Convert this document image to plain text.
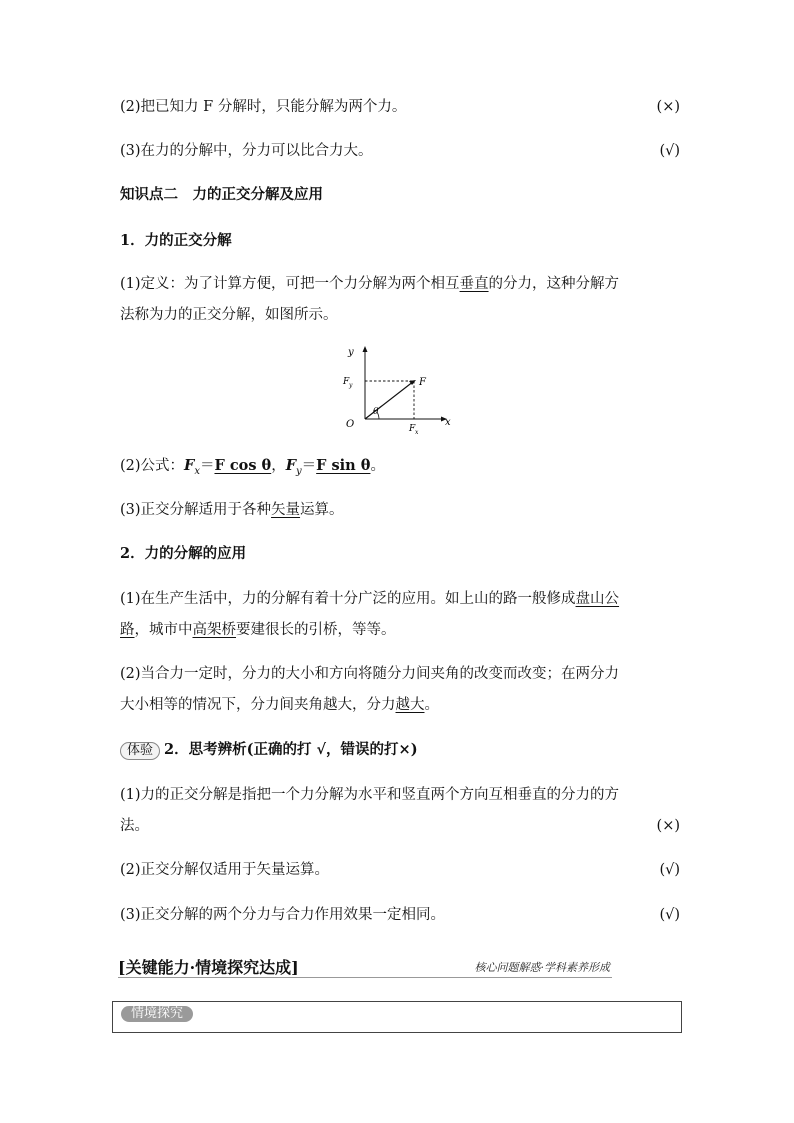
(2)把已知力 F 分解时，只能分解为两个力。	(×)
(3)在力的分解中，分力可以比合力大。	(√)
知识点二　力的正交分解及应用
1．力的正交分解
(1)定义：为了计算方便，可把一个力分解为两个相互垂直的分力，这种分解方
法称为力的正交分解，如图所示。
y
x
O
F y
F x
F
θ
(2)公式：$F_x=F$ cos θ，$F_y=F$ sin θ。
(3)正交分解适用于各种矢量运算。
2．力的分解的应用
(1)在生产生活中，力的分解有着十分广泛的应用。如上山的路一般修成盘山公
路，城市中高架桥要建很长的引桥，等等。
(2)当合力一定时，分力的大小和方向将随分力间夹角的改变而改变；在两分力
大小相等的情况下，分力间夹角越大，分力越大。
体验 2．思考辨析(正确的打 √，错误的打×)
(1)力的正交分解是指把一个力分解为水平和竖直两个方向互相垂直的分力的方
法。	(×)
(2)正交分解仅适用于矢量运算。	(√)
(3)正交分解的两个分力与合力作用效果一定相同。	(√)
[关键能力·情境探究达成]	核心问题解惑·学科素养形成
情境探究
